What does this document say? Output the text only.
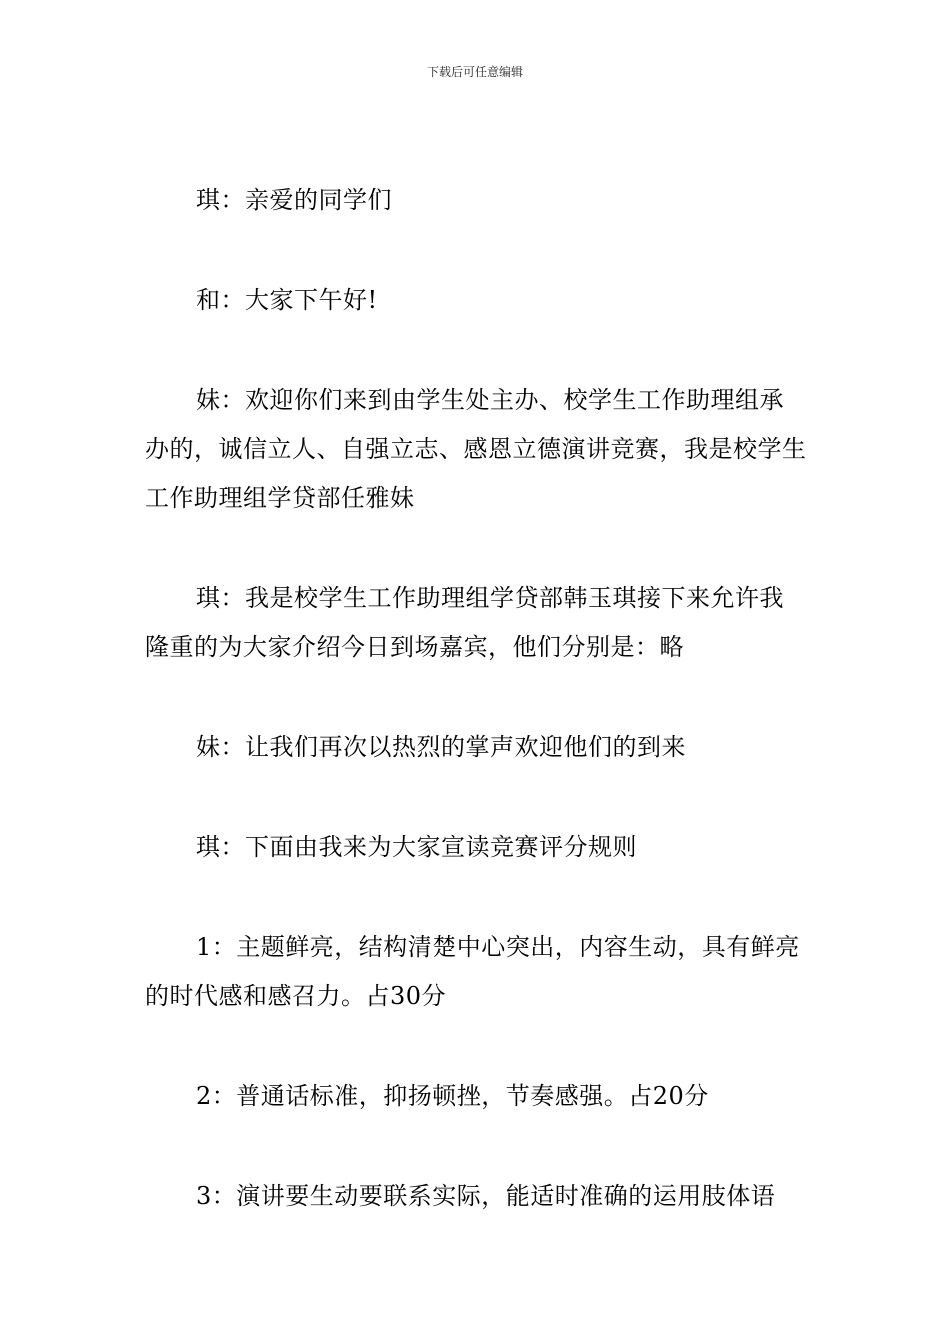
下载后可任意编辑

琪：亲爱的同学们

和：大家下午好!

妹：欢迎你们来到由学生处主办、校学生工作助理组承办的，诚信立人、自强立志、感恩立德演讲竞赛，我是校学生工作助理组学贷部任雅妹

琪：我是校学生工作助理组学贷部韩玉琪接下来允许我隆重的为大家介绍今日到场嘉宾，他们分别是：略

妹：让我们再次以热烈的掌声欢迎他们的到来

琪：下面由我来为大家宣读竞赛评分规则

1：主题鲜亮，结构清楚中心突出，内容生动，具有鲜亮的时代感和感召力。占30分

2：普通话标准，抑扬顿挫，节奏感强。占20分

3：演讲要生动要联系实际，能适时准确的运用肢体语
